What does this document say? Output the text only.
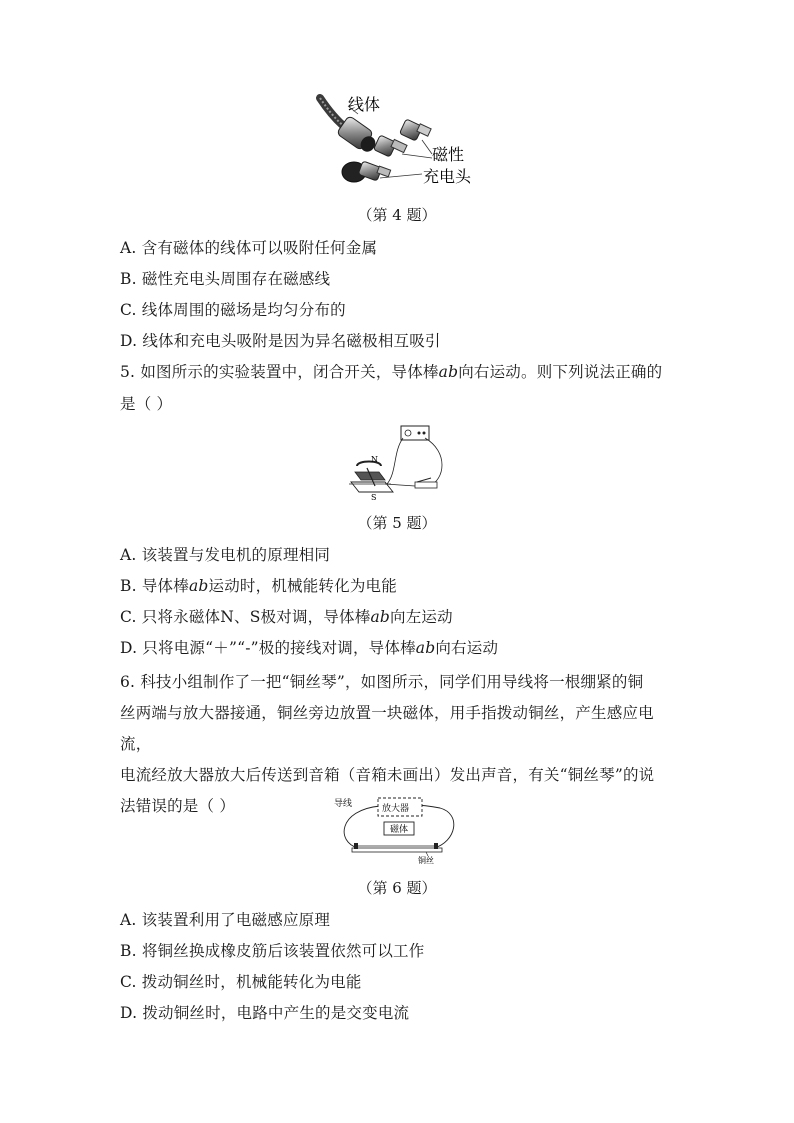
线体
磁性
充电头
（第 4 题）
A. 含有磁体的线体可以吸附任何金属
B. 磁性充电头周围存在磁感线
C. 线体周围的磁场是均匀分布的
D. 线体和充电头吸附是因为异名磁极相互吸引
5. 如图所示的实验装置中，闭合开关，导体棒ab向右运动。则下列说法正确的
是（ ）
N
S
（第 5 题）
A. 该装置与发电机的原理相同
B. 导体棒ab运动时，机械能转化为电能
C. 只将永磁体N、S极对调，导体棒ab向左运动
D. 只将电源“＋”“-”极的接线对调，导体棒ab向右运动
6. 科技小组制作了一把“铜丝琴”，如图所示，同学们用导线将一根绷紧的铜
丝两端与放大器接通，铜丝旁边放置一块磁体，用手指拨动铜丝，产生感应电流，
电流经放大器放大后传送到音箱（音箱未画出）发出声音，有关“铜丝琴”的说
法错误的是（ ）	导线	放大器
磁体
铜丝
（第 6 题）
A. 该装置利用了电磁感应原理
B. 将铜丝换成橡皮筋后该装置依然可以工作
C. 拨动铜丝时，机械能转化为电能
D. 拨动铜丝时，电路中产生的是交变电流
